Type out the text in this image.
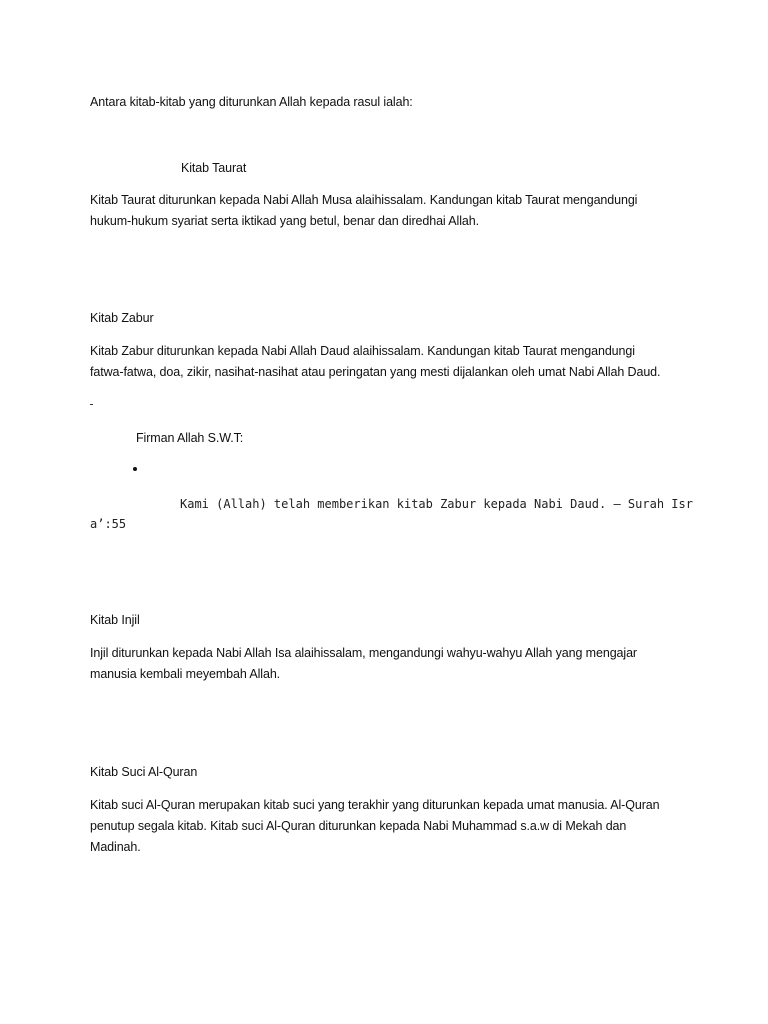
Antara kitab-kitab yang diturunkan Allah kepada rasul ialah:

Kitab Taurat

Kitab Taurat diturunkan kepada Nabi Allah Musa alaihissalam. Kandungan kitab Taurat mengandungi

hukum-hukum syariat serta iktikad yang betul, benar dan diredhai Allah.

Kitab Zabur

Kitab Zabur diturunkan kepada Nabi Allah Daud alaihissalam. Kandungan kitab Taurat mengandungi

fatwa-fatwa, doa, zikir, nasihat-nasihat atau peringatan yang mesti dijalankan oleh umat Nabi Allah Daud.

Firman Allah S.W.T:

Kami (Allah) telah memberikan kitab Zabur kepada Nabi Daud. – Surah Isr

a’:55

Kitab Injil

Injil diturunkan kepada Nabi Allah Isa alaihissalam, mengandungi wahyu-wahyu Allah yang mengajar

manusia kembali meyembah Allah.

Kitab Suci Al-Quran

Kitab suci Al-Quran merupakan kitab suci yang terakhir yang diturunkan kepada umat manusia. Al-Quran

penutup segala kitab. Kitab suci Al-Quran diturunkan kepada Nabi Muhammad s.a.w di Mekah dan

Madinah.
